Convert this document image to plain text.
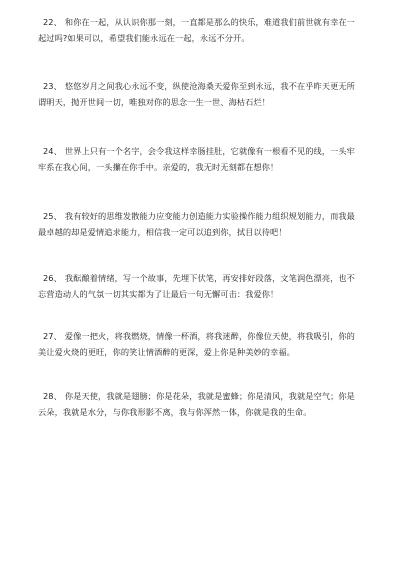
22、 和你在一起，从认识你那一刻，一直都是那么的快乐，难道我们前世就有幸在一起过吗?如果可以，希望我们能永远在一起，永远不分开。

23、 悠悠岁月之间我心永远不变，纵使沧海桑天爱你至到永远，我不在乎昨天更无所谓明天，抛开世间一切，唯独对你的思念一生一世、海枯石烂！

24、 世界上只有一个名字，会令我这样幸肠挂肚，它就像有一根看不见的线，一头牢牢系在我心间，一头攥在你手中。亲爱的，我无时无刻都在想你！

25、 我有较好的思维发散能力应变能力创造能力实验操作能力组织规划能力，而我最最卓越的却是爱情追求能力，相信我一定可以追到你，拭目以待吧！

26、 我酝酿着情绪，写一个故事，先埋下伏笔，再安排好段落，文笔润色漂亮，也不忘营造动人的气氛一切其实都为了让最后一句无懈可击：我爱你！

27、 爱像一把火，将我燃烧，情像一杯酒，将我迷醉，你像位天使，将我吸引，你的美让爱火烧的更旺，你的笑让情酒醉的更深，爱上你是种美妙的幸福。

28、 你是天使，我就是翅膀；你是花朵，我就是蜜蜂；你是清风，我就是空气；你是云朵，我就是水分，与你我形影不离，我与你浑然一体，你就是我的生命。
